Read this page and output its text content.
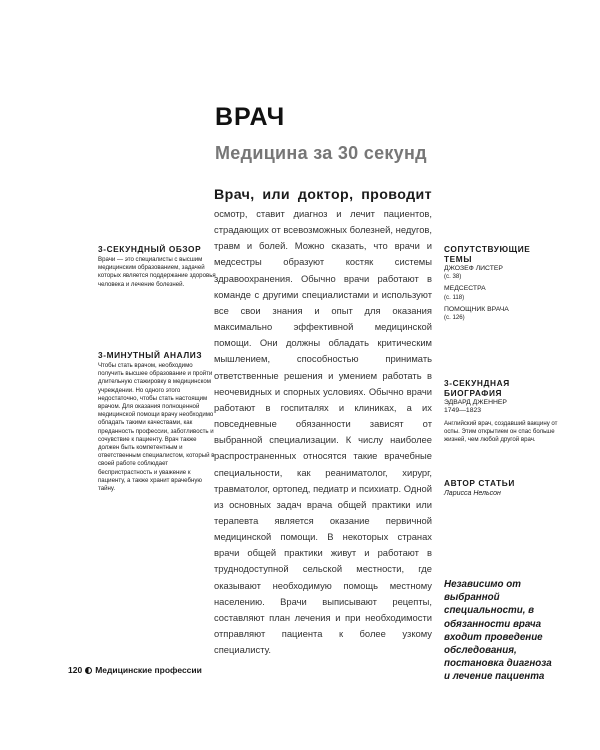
ВРАЧ
Медицина за 30 секунд

3-СЕКУНДНЫЙ ОБЗОР

Врачи — это специалисты с высшим медицинским образованием, задачей которых является поддержание здоровья человека и лечение болезней.

3-МИНУТНЫЙ АНАЛИЗ

Чтобы стать врачом, необходимо получить высшее образование и пройти длительную стажировку в медицинском учреждении. Но одного этого недостаточно, чтобы стать настоящим врачом. Для оказания полноценной медицинской помощи врачу необходимо обладать такими качествами, как преданность профессии, заботливость и сочувствие к пациенту. Врач также должен быть компетентным и ответственным специалистом, который в своей работе соблюдает беспристрастность и уважение к пациенту, а также хранит врачебную тайну.

Врач, или доктор, проводит

осмотр, ставит диагноз и лечит пациентов, страдающих от всевозможных болезней, недугов, травм и болей. Можно сказать, что врачи и медсестры образуют костяк системы здравоохранения. Обычно врачи работают в команде с другими специалистами и используют все свои знания и опыт для оказания максимально эффективной медицинской помощи. Они должны обладать критическим мышлением, способностью принимать ответственные решения и умением работать в неочевидных и спорных условиях. Обычно врачи работают в госпиталях и клиниках, а их повседневные обязанности зависят от выбранной специализации. К числу наиболее распространенных относятся такие врачебные специальности, как реаниматолог, хирург, травматолог, ортопед, педиатр и психиатр. Одной из основных задач врача общей практики или терапевта является оказание первичной медицинской помощи. В некоторых странах врачи общей практики живут и работают в труднодоступной сельской местности, где оказывают необходимую помощь местному населению. Врачи выписывают рецепты, составляют план лечения и при необходимости отправляют пациента к более узкому специалисту.

СОПУТСТВУЮЩИЕ ТЕМЫ

ДЖОЗЕФ ЛИСТЕР

(с. 38)

МЕДСЕСТРА

(с. 118)

ПОМОЩНИК ВРАЧА

(с. 126)

3-СЕКУНДНАЯ БИОГРАФИЯ

ЭДВАРД ДЖЕННЕР

1749—1823

Английский врач, создавший вакцину от оспы. Этим открытием он спас больше жизней, чем любой другой врач.

АВТОР СТАТЬИ

Ларисса Нельсон

Независимо от выбранной специальности, в обязанности врача входит проведение обследования, постановка диагноза и лечение пациента

120 Медицинские профессии
